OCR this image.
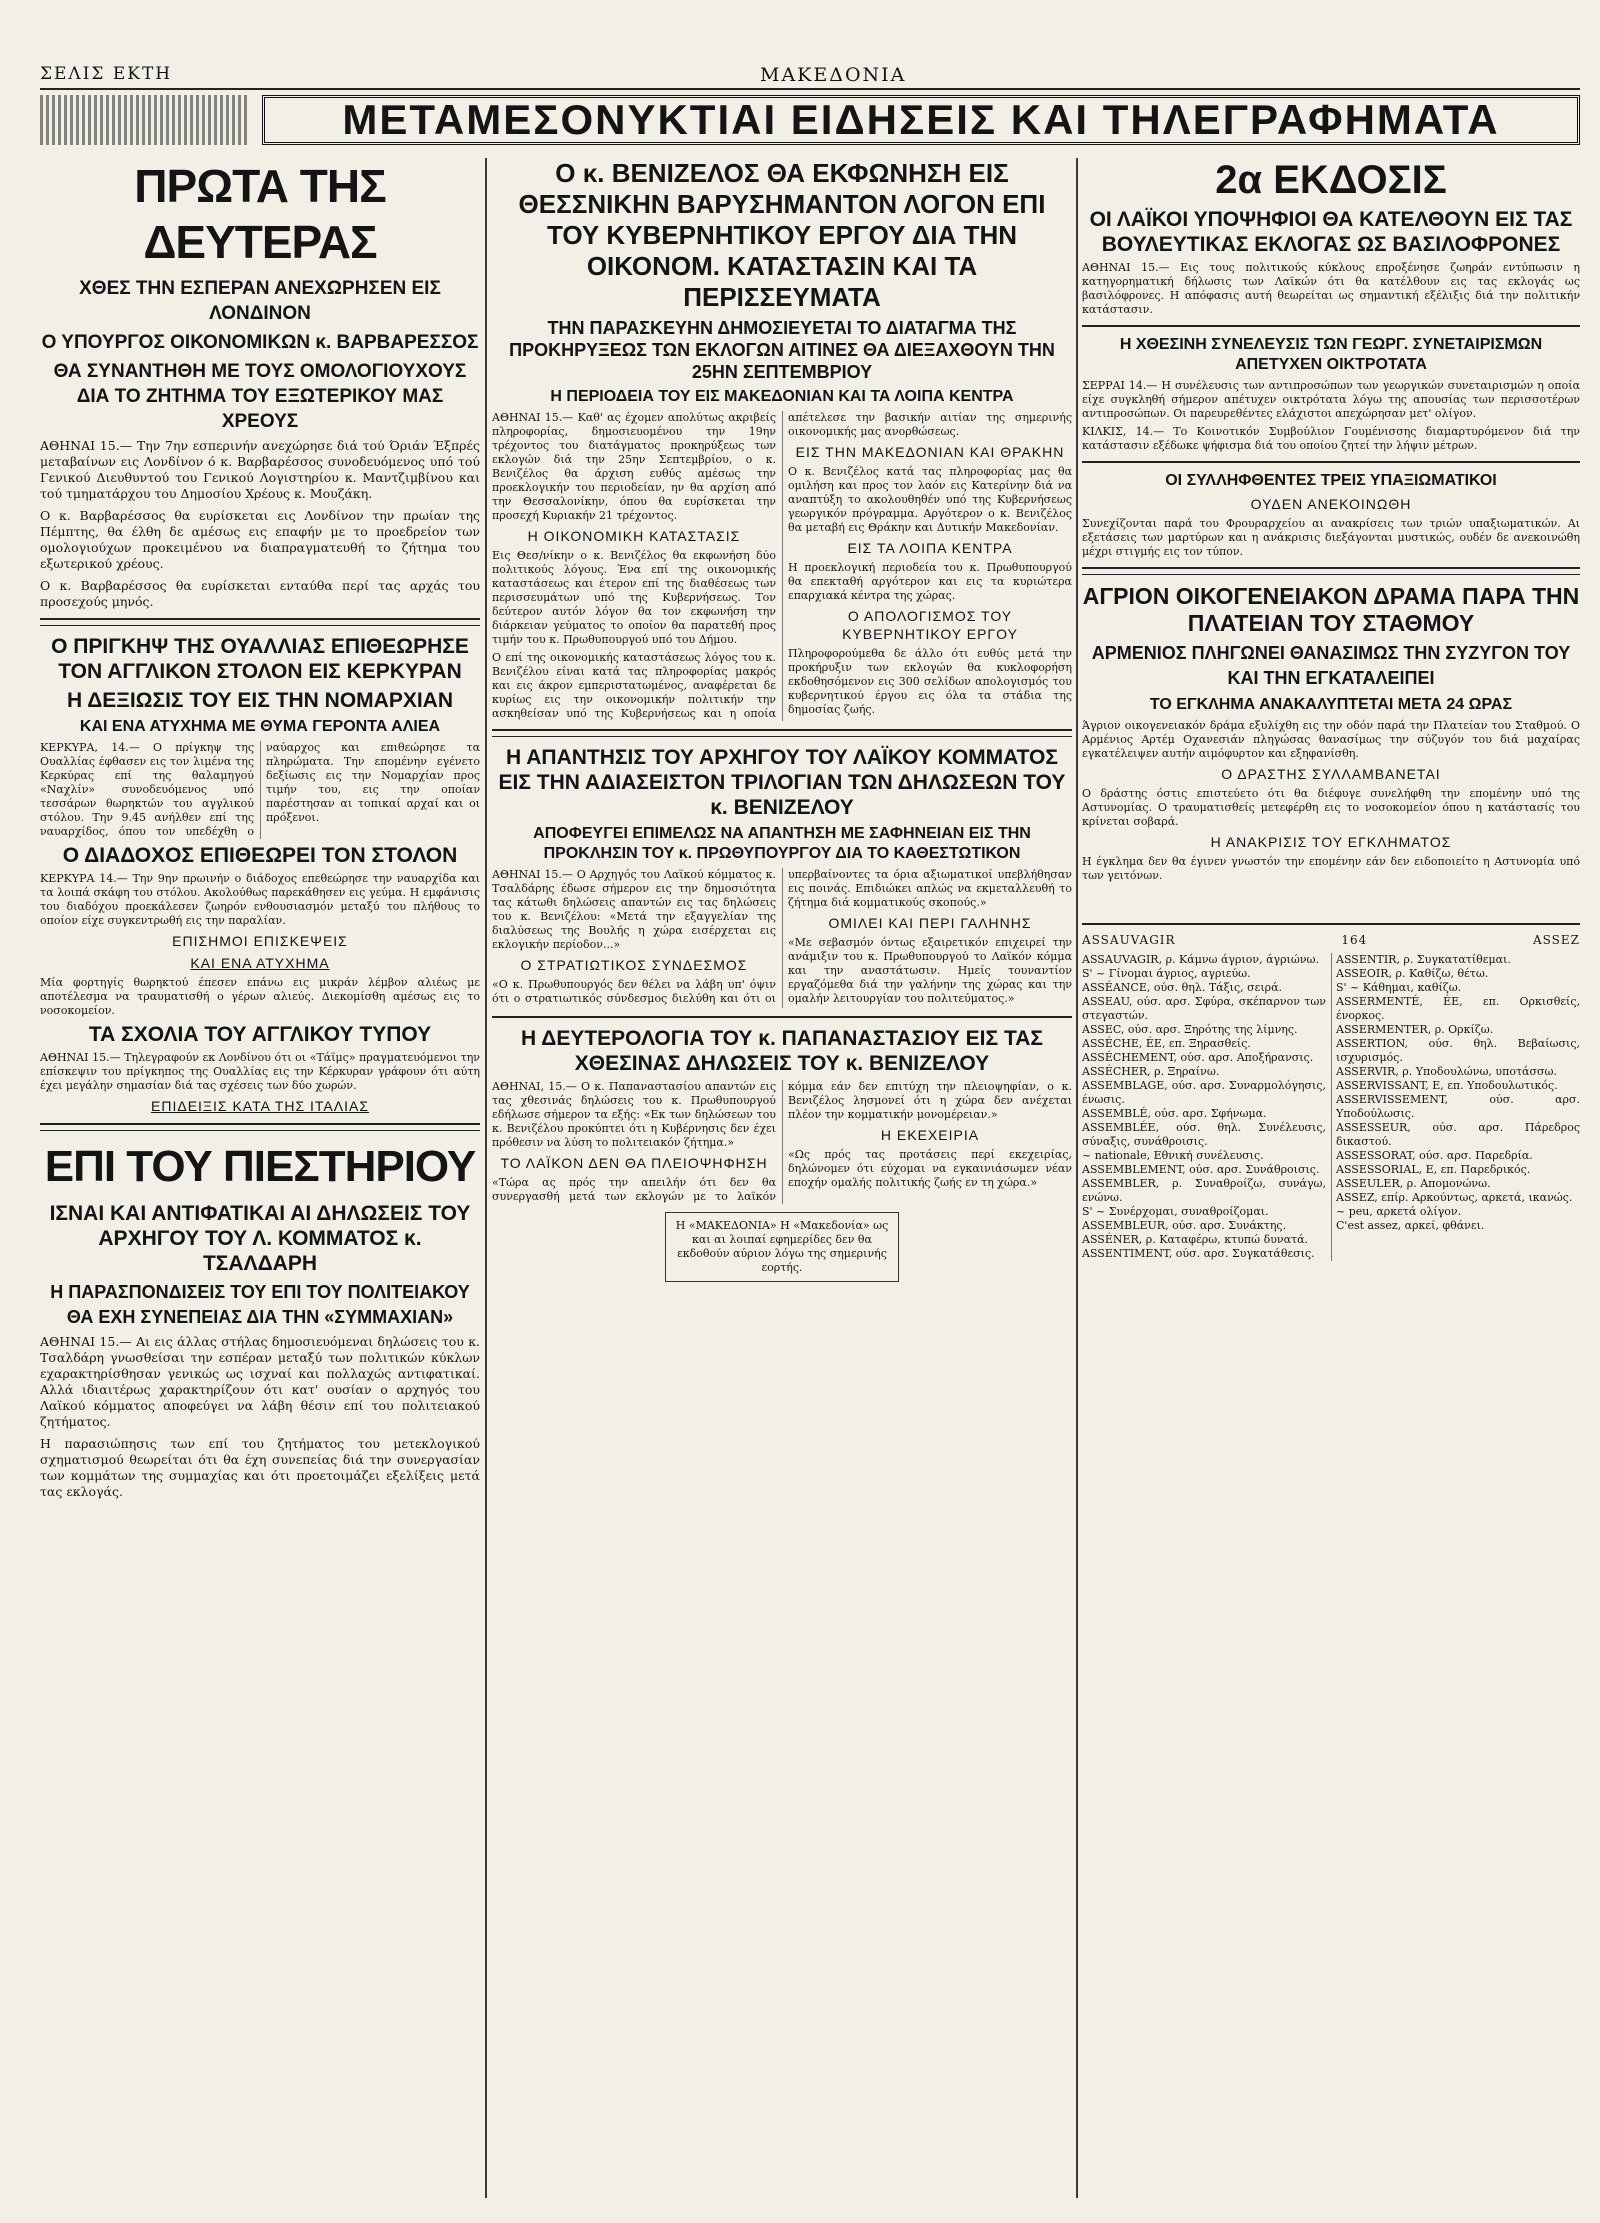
ΣΕΛΙΣ ΕΚΤΗ	ΜΑΚΕΔΟΝΙΑ
ΜΕΤΑΜΕΣΟΝΥΚΤΙΑΙ ΕΙΔΗΣΕΙΣ ΚΑΙ ΤΗΛΕΓΡΑΦΗΜΑΤΑ
ΠΡΩΤΑ ΤΗΣ ΔΕΥΤΕΡΑΣ
ΧΘΕΣ ΤΗΝ ΕΣΠΕΡΑΝ ΑΝΕΧΩΡΗΣΕΝ ΕΙΣ ΛΟΝΔΙΝΟΝ
Ο ΥΠΟΥΡΓΟΣ ΟΙΚΟΝΟΜΙΚΩΝ κ. ΒΑΡΒΑΡΕΣΣΟΣ
ΘΑ ΣΥΝΑΝΤΗΘΗ ΜΕ ΤΟΥΣ ΟΜΟΛΟΓΙΟΥΧΟΥΣ ΔΙΑ ΤΟ ΖΗΤΗΜΑ ΤΟΥ ΕΞΩΤΕΡΙΚΟΥ ΜΑΣ ΧΡΕΟΥΣ

ΑΘΗΝΑΙ 15.— Την 7ην εσπερινήν ανεχώρησε διά τού Όριάν Έξπρές μεταβαίνων εις Λονδίνον ό κ. Βαρβαρέσσος συνοδευόμενος υπό τού Γενικού Διευθυντού του Γενικού Λογιστηρίου κ. Μαντζιμβίνου και τού τμηματάρχου του Δημοσίου Χρέους κ. Μουζάκη.

Ο κ. Βαρβαρέσσος θα ευρίσκεται εις Λονδίνον την πρωίαν της Πέμπτης, θα έλθη δε αμέσως εις επαφήν με το προεδρείον των ομολογιούχων προκειμένου να διαπραγματευθή το ζήτημα του εξωτερικού χρέους.

Ο κ. Βαρβαρέσσος θα ευρίσκεται ενταύθα περί τας αρχάς του προσεχούς μηνός.

Ο ΠΡΙΓΚΗΨ ΤΗΣ ΟΥΑΛΛΙΑΣ ΕΠΙΘΕΩΡΗΣΕ ΤΟΝ ΑΓΓΛΙΚΟΝ ΣΤΟΛΟΝ ΕΙΣ ΚΕΡΚΥΡΑΝ
Η ΔΕΞΙΩΣΙΣ ΤΟΥ ΕΙΣ ΤΗΝ ΝΟΜΑΡΧΙΑΝ
ΚΑΙ ΕΝΑ ΑΤΥΧΗΜΑ ΜΕ ΘΥΜΑ ΓΕΡΟΝΤΑ ΑΛΙΕΑ

ΚΕΡΚΥΡΑ, 14.— Ο πρίγκηψ της Ουαλλίας έφθασεν εις τον λιμένα της Κερκύρας επί της θαλαμηγού «Ναχλίν» συνοδευόμενος υπό τεσσάρων θωρηκτών του αγγλικού στόλου. Την 9.45 ανήλθεν επί της ναυαρχίδος, όπου τον υπεδέχθη ο ναύαρχος και επιθεώρησε τα πληρώματα. Την επομένην εγένετο δεξίωσις εις την Νομαρχίαν προς τιμήν του, εις την οποίαν παρέστησαν αι τοπικαί αρχαί και οι πρόξενοι.

Ο ΔΙΑΔΟΧΟΣ ΕΠΙΘΕΩΡΕΙ ΤΟΝ ΣΤΟΛΟΝ

ΚΕΡΚΥΡΑ 14.— Την 9ην πρωινήν ο διάδοχος επεθεώρησε την ναυαρχίδα και τα λοιπά σκάφη του στόλου. Ακολούθως παρεκάθησεν εις γεύμα. Η εμφάνισις του διαδόχου προεκάλεσεν ζωηρόν ενθουσιασμόν μεταξύ του πλήθους το οποίον είχε συγκεντρωθή εις την παραλίαν.

ΕΠΙΣΗΜΟΙ ΕΠΙΣΚΕΨΕΙΣ
ΚΑΙ ΕΝΑ ΑΤΥΧΗΜΑ

Μία φορτηγίς θωρηκτού έπεσεν επάνω εις μικράν λέμβον αλιέως με αποτέλεσμα να τραυματισθή ο γέρων αλιεύς. Διεκομίσθη αμέσως εις το νοσοκομείον.

ΤΑ ΣΧΟΛΙΑ ΤΟΥ ΑΓΓΛΙΚΟΥ ΤΥΠΟΥ

ΑΘΗΝΑΙ 15.— Τηλεγραφούν εκ Λονδίνου ότι οι «Τάϊμς» πραγματευόμενοι την επίσκεψιν του πρίγκηπος της Ουαλλίας εις την Κέρκυραν γράφουν ότι αύτη έχει μεγάλην σημασίαν διά τας σχέσεις των δύο χωρών.

ΕΠΙΔΕΙΞΙΣ ΚΑΤΑ ΤΗΣ ΙΤΑΛΙΑΣ
ΕΠΙ ΤΟΥ ΠΙΕΣΤΗΡΙΟΥ
ΙΣΝΑΙ ΚΑΙ ΑΝΤΙΦΑΤΙΚΑΙ ΑΙ ΔΗΛΩΣΕΙΣ ΤΟΥ ΑΡΧΗΓΟΥ ΤΟΥ Λ. ΚΟΜΜΑΤΟΣ κ. ΤΣΑΛΔΑΡΗ
Η ΠΑΡΑΣΠΟΝΔΙΣΕΙΣ ΤΟΥ ΕΠΙ ΤΟΥ ΠΟΛΙΤΕΙΑΚΟΥ ΘΑ ΕΧΗ ΣΥΝΕΠΕΙΑΣ ΔΙΑ ΤΗΝ «ΣΥΜΜΑΧΙΑΝ»

ΑΘΗΝΑΙ 15.— Αι εις άλλας στήλας δημοσιευόμεναι δηλώσεις του κ. Τσαλδάρη γνωσθείσαι την εσπέραν μεταξύ των πολιτικών κύκλων εχαρακτηρίσθησαν γενικώς ως ισχναί και πολλαχώς αντιφατικαί. Αλλά ιδιαιτέρως χαρακτηρίζουν ότι κατ' ουσίαν ο αρχηγός του Λαϊκού κόμματος αποφεύγει να λάβη θέσιν επί του πολιτειακού ζητήματος.

Η παρασιώπησις των επί του ζητήματος του μετεκλογικού σχηματισμού θεωρείται ότι θα έχη συνεπείας διά την συνεργασίαν των κομμάτων της συμμαχίας και ότι προετοιμάζει εξελίξεις μετά τας εκλογάς.

Ο κ. ΒΕΝΙΖΕΛΟΣ ΘΑ ΕΚΦΩΝΗΣΗ ΕΙΣ ΘΕΣΣΝΙΚΗΝ ΒΑΡΥΣΗΜΑΝΤΟΝ ΛΟΓΟΝ ΕΠΙ ΤΟΥ ΚΥΒΕΡΝΗΤΙΚΟΥ ΕΡΓΟΥ ΔΙΑ ΤΗΝ ΟΙΚΟΝΟΜ. ΚΑΤΑΣΤΑΣΙΝ ΚΑΙ ΤΑ ΠΕΡΙΣΣΕΥΜΑΤΑ
ΤΗΝ ΠΑΡΑΣΚΕΥΗΝ ΔΗΜΟΣΙΕΥΕΤΑΙ ΤΟ ΔΙΑΤΑΓΜΑ ΤΗΣ ΠΡΟΚΗΡΥΞΕΩΣ ΤΩΝ ΕΚΛΟΓΩΝ ΑΙΤΙΝΕΣ ΘΑ ΔΙΕΞΑΧΘΟΥΝ ΤΗΝ 25ΗΝ ΣΕΠΤΕΜΒΡΙΟΥ
Η ΠΕΡΙΟΔΕΙΑ ΤΟΥ ΕΙΣ ΜΑΚΕΔΟΝΙΑΝ ΚΑΙ ΤΑ ΛΟΙΠΑ ΚΕΝΤΡΑ

ΑΘΗΝΑΙ 15.— Καθ' ας έχομεν απολύτως ακριβείς πληροφορίας, δημοσιευομένου την 19ην τρέχοντος του διατάγματος προκηρύξεως των εκλογών διά την 25ην Σεπτεμβρίου, ο κ. Βενιζέλος θα άρχιση ευθύς αμέσως την προεκλογικήν του περιοδείαν, ην θα αρχίση από την Θεσσαλονίκην, όπου θα ευρίσκεται την προσεχή Κυριακήν 21 τρέχοντος.

Η ΟΙΚΟΝΟΜΙΚΗ ΚΑΤΑΣΤΑΣΙΣ

Εις Θεσ/νίκην ο κ. Βενιζέλος θα εκφωνήση δύο πολιτικούς λόγους. Ένα επί της οικονομικής καταστάσεως και έτερον επί της διαθέσεως των περισσευμάτων υπό της Κυβερνήσεως. Τον δεύτερον αυτόν λόγον θα τον εκφωνήση την διάρκειαν γεύματος το οποίον θα παρατεθή προς τιμήν του κ. Πρωθυπουργού υπό του Δήμου.

Ο επί της οικονομικής καταστάσεως λόγος του κ. Βενιζέλου είναι κατά τας πληροφορίας μακρός και εις άκρον εμπεριστατωμένος, αναφέρεται δε κυρίως εις την οικονομικήν πολιτικήν την ασκηθείσαν υπό της Κυβερνήσεως και η οποία απέτελεσε την βασικήν αιτίαν της σημερινής οικονομικής μας ανορθώσεως.

ΕΙΣ ΤΗΝ ΜΑΚΕΔΟΝΙΑΝ ΚΑΙ ΘΡΑΚΗΝ

Ο κ. Βενιζέλος κατά τας πληροφορίας μας θα ομιλήση και προς τον λαόν εις Κατερίνην διά να αναπτύξη το ακολουθηθέν υπό της Κυβερνήσεως γεωργικόν πρόγραμμα. Αργότερον ο κ. Βενιζέλος θα μεταβή εις Θράκην και Δυτικήν Μακεδονίαν.

ΕΙΣ ΤΑ ΛΟΙΠΑ ΚΕΝΤΡΑ

Η προεκλογική περιοδεία του κ. Πρωθυπουργού θα επεκταθή αργότερον και εις τα κυριώτερα επαρχιακά κέντρα της χώρας.

Ο ΑΠΟΛΟΓΙΣΜΟΣ ΤΟΥ ΚΥΒΕΡΝΗΤΙΚΟΥ ΕΡΓΟΥ

Πληροφορούμεθα δε άλλο ότι ευθύς μετά την προκήρυξιν των εκλογών θα κυκλοφορήση εκδοθησόμενον εις 300 σελίδων απολογισμός του κυβερνητικού έργου εις όλα τα στάδια της δημοσίας ζωής.

Η ΑΠΑΝΤΗΣΙΣ ΤΟΥ ΑΡΧΗΓΟΥ ΤΟΥ ΛΑΪΚΟΥ ΚΟΜΜΑΤΟΣ ΕΙΣ ΤΗΝ ΑΔΙΑΣΕΙΣΤΟΝ ΤΡΙΛΟΓΙΑΝ ΤΩΝ ΔΗΛΩΣΕΩΝ ΤΟΥ κ. ΒΕΝΙΖΕΛΟΥ
ΑΠΟΦΕΥΓΕΙ ΕΠΙΜΕΛΩΣ ΝΑ ΑΠΑΝΤΗΣΗ ΜΕ ΣΑΦΗΝΕΙΑΝ ΕΙΣ ΤΗΝ ΠΡΟΚΛΗΣΙΝ ΤΟΥ κ. ΠΡΩΘΥΠΟΥΡΓΟΥ ΔΙΑ ΤΟ ΚΑΘΕΣΤΩΤΙΚΟΝ

ΑΘΗΝΑΙ 15.— Ο Αρχηγός του Λαϊκού κόμματος κ. Τσαλδάρης έδωσε σήμερον εις την δημοσιότητα τας κάτωθι δηλώσεις απαντών εις τας δηλώσεις του κ. Βενιζέλου: «Μετά την εξαγγελίαν της διαλύσεως της Βουλής η χώρα εισέρχεται εις εκλογικήν περίοδον...»

Ο ΣΤΡΑΤΙΩΤΙΚΟΣ ΣΥΝΔΕΣΜΟΣ

«Ο κ. Πρωθυπουργός δεν θέλει να λάβη υπ' όψιν ότι ο στρατιωτικός σύνδεσμος διελύθη και ότι οι υπερβαίνοντες τα όρια αξιωματικοί υπεβλήθησαν εις ποινάς. Επιδιώκει απλώς να εκμεταλλευθή το ζήτημα διά κομματικούς σκοπούς.»

ΟΜΙΛΕΙ ΚΑΙ ΠΕΡΙ ΓΑΛΗΝΗΣ

«Με σεβασμόν όντως εξαιρετικόν επιχειρεί την ανάμιξιν του κ. Πρωθυπουργού το Λαϊκόν κόμμα και την αναστάτωσιν. Ημείς τουναντίον εργαζόμεθα διά την γαλήνην της χώρας και την ομαλήν λειτουργίαν του πολιτεύματος.»

Η ΔΕΥΤΕΡΟΛΟΓΙΑ ΤΟΥ κ. ΠΑΠΑΝΑΣΤΑΣΙΟΥ ΕΙΣ ΤΑΣ ΧΘΕΣΙΝΑΣ ΔΗΛΩΣΕΙΣ ΤΟΥ κ. ΒΕΝΙΖΕΛΟΥ

ΑΘΗΝΑΙ, 15.— Ο κ. Παπαναστασίου απαντών εις τας χθεσινάς δηλώσεις του κ. Πρωθυπουργού εδήλωσε σήμερον τα εξής: «Εκ των δηλώσεων του κ. Βενιζέλου προκύπτει ότι η Κυβέρνησις δεν έχει πρόθεσιν να λύση το πολιτειακόν ζήτημα.»

ΤΟ ΛΑΪΚΟΝ ΔΕΝ ΘΑ ΠΛΕΙΟΨΗΦΗΣΗ

«Τώρα ας πρός την απειλήν ότι δεν θα συνεργασθή μετά των εκλογών με το λαϊκόν κόμμα εάν δεν επιτύχη την πλειοψηφίαν, ο κ. Βενιζέλος λησμονεί ότι η χώρα δεν ανέχεται πλέον την κομματικήν μονομέρειαν.»

Η ΕΚΕΧΕΙΡΙΑ

«Ως πρός τας προτάσεις περί εκεχειρίας, δηλώνομεν ότι εύχομαι να εγκαινιάσωμεν νέαν εποχήν ομαλής πολιτικής ζωής εν τη χώρα.»

Η «ΜΑΚΕΔΟΝΙΑ» Η «Μακεδονία» ως και αι λοιπαί εφημερίδες δεν θα εκδοθούν αύριον λόγω της σημερινής εορτής.
2α ΕΚΔΟΣΙΣ
ΟΙ ΛΑΪΚΟΙ ΥΠΟΨΗΦΙΟΙ ΘΑ ΚΑΤΕΛΘΟΥΝ ΕΙΣ ΤΑΣ ΒΟΥΛΕΥΤΙΚΑΣ ΕΚΛΟΓΑΣ ΩΣ ΒΑΣΙΛΟΦΡΟΝΕΣ

ΑΘΗΝΑΙ 15.— Εις τους πολιτικούς κύκλους επροξένησε ζωηράν εντύπωσιν η κατηγορηματική δήλωσις των Λαϊκών ότι θα κατέλθουν εις τας εκλογάς ως βασιλόφρονες. Η απόφασις αυτή θεωρείται ως σημαντική εξέλιξις διά την πολιτικήν κατάστασιν.

Η ΧΘΕΣΙΝΗ ΣΥΝΕΛΕΥΣΙΣ ΤΩΝ ΓΕΩΡΓ. ΣΥΝΕΤΑΙΡΙΣΜΩΝ ΑΠΕΤΥΧΕΝ ΟΙΚΤΡΟΤΑΤΑ

ΣΕΡΡΑΙ 14.— Η συνέλευσις των αντιπροσώπων των γεωργικών συνεταιρισμών η οποία είχε συγκληθή σήμερον απέτυχεν οικτρότατα λόγω της απουσίας των περισσοτέρων αντιπροσώπων. Οι παρευρεθέντες ελάχιστοι απεχώρησαν μετ' ολίγον.

ΚΙΛΚΙΣ, 14.— Το Κοινοτικόν Συμβούλιον Γουμένισσης διαμαρτυρόμενον διά την κατάστασιν εξέδωκε ψήφισμα διά του οποίου ζητεί την λήψιν μέτρων.

ΟΙ ΣΥΛΛΗΦΘΕΝΤΕΣ ΤΡΕΙΣ ΥΠΑΞΙΩΜΑΤΙΚΟΙ
ΟΥΔΕΝ ΑΝΕΚΟΙΝΩΘΗ

Συνεχίζονται παρά του Φρουραρχείου αι ανακρίσεις των τριών υπαξιωματικών. Αι εξετάσεις των μαρτύρων και η ανάκρισις διεξάγονται μυστικώς, ουδέν δε ανεκοινώθη μέχρι στιγμής εις τον τύπον.

ΑΓΡΙΟΝ ΟΙΚΟΓΕΝΕΙΑΚΟΝ ΔΡΑΜΑ ΠΑΡΑ ΤΗΝ ΠΛΑΤΕΙΑΝ ΤΟΥ ΣΤΑΘΜΟΥ
ΑΡΜΕΝΙΟΣ ΠΛΗΓΩΝΕΙ ΘΑΝΑΣΙΜΩΣ ΤΗΝ ΣΥΖΥΓΟΝ ΤΟΥ ΚΑΙ ΤΗΝ ΕΓΚΑΤΑΛΕΙΠΕΙ
ΤΟ ΕΓΚΛΗΜΑ ΑΝΑΚΑΛΥΠΤΕΤΑΙ ΜΕΤΑ 24 ΩΡΑΣ

Άγριον οικογενειακόν δράμα εξυλίχθη εις την οδόν παρά την Πλατείαν του Σταθμού. Ο Αρμένιος Αρτέμ Οχανεσιάν πληγώσας θανασίμως την σύζυγόν του διά μαχαίρας εγκατέλειψεν αυτήν αιμόφυρτον και εξηφανίσθη.

Ο ΔΡΑΣΤΗΣ ΣΥΛΛΑΜΒΑΝΕΤΑΙ

Ο δράστης όστις επιστεύετο ότι θα διέφυγε συνελήφθη την επομένην υπό της Αστυνομίας. Ο τραυματισθείς μετεφέρθη εις το νοσοκομείον όπου η κατάστασίς του κρίνεται σοβαρά.

Η ΑΝΑΚΡΙΣΙΣ ΤΟΥ ΕΓΚΛΗΜΑΤΟΣ

Η έγκλημα δεν θα έγινεν γνωστόν την επομένην εάν δεν ειδοποιείτο η Αστυνομία υπό των γειτόνων.

ASSAUVAGIR	164	ASSEZ

ASSAUVAGIR, ρ. Κάμνω άγριον, άγριώνω.

S' ~ Γίνομαι άγριος, αγριεύω.

ASSÉANCE, ούσ. θηλ. Τάξις, σειρά.

ASSEAU, ούσ. αρσ. Σφύρα, σκέπαρνον των στεγαστών.

ASSEC, ούσ. αρσ. Ξηρότης της λίμνης.

ASSÉCHE, ÉE, επ. Ξηρασθείς.

ASSÉCHEMENT, ούσ. αρσ. Αποξήρανσις.

ASSÉCHER, ρ. Ξηραίνω.

ASSEMBLAGE, ούσ. αρσ. Συναρμολόγησις, ένωσις.

ASSEMBLÉ, ούσ. αρσ. Σφήνωμα.

ASSEMBLÉE, ούσ. θηλ. Συνέλευσις, σύναξις, συνάθροισις.

~ nationale, Εθνική συνέλευσις.

ASSEMBLEMENT, ούσ. αρσ. Συνάθροισις.

ASSEMBLER, ρ. Συναθροίζω, συνάγω, ενώνω.

S' ~ Συνέρχομαι, συναθροίζομαι.

ASSEMBLEUR, ούσ. αρσ. Συνάκτης.

ASSÉNER, ρ. Καταφέρω, κτυπώ δυνατά.

ASSENTIMENT, ούσ. αρσ. Συγκατάθεσις.

ASSENTIR, ρ. Συγκατατίθεμαι.

ASSEOIR, ρ. Καθίζω, θέτω.

S' ~ Κάθημαι, καθίζω.

ASSERMENTÉ, ÉE, επ. Ορκισθείς, ένορκος.

ASSERMENTER, ρ. Ορκίζω.

ASSERTION, ούσ. θηλ. Βεβαίωσις, ισχυρισμός.

ASSERVIR, ρ. Υποδουλώνω, υποτάσσω.

ASSERVISSANT, E, επ. Υποδουλωτικός.

ASSERVISSEMENT, ούσ. αρσ. Υποδούλωσις.

ASSESSEUR, ούσ. αρσ. Πάρεδρος δικαστού.

ASSESSORAT, ούσ. αρσ. Παρεδρία.

ASSESSORIAL, E, επ. Παρεδρικός.

ASSEULER, ρ. Απομονώνω.

ASSEZ, επίρ. Αρκούντως, αρκετά, ικανώς.

~ peu, αρκετά ολίγον.

C'est assez, αρκεί, φθάνει.
